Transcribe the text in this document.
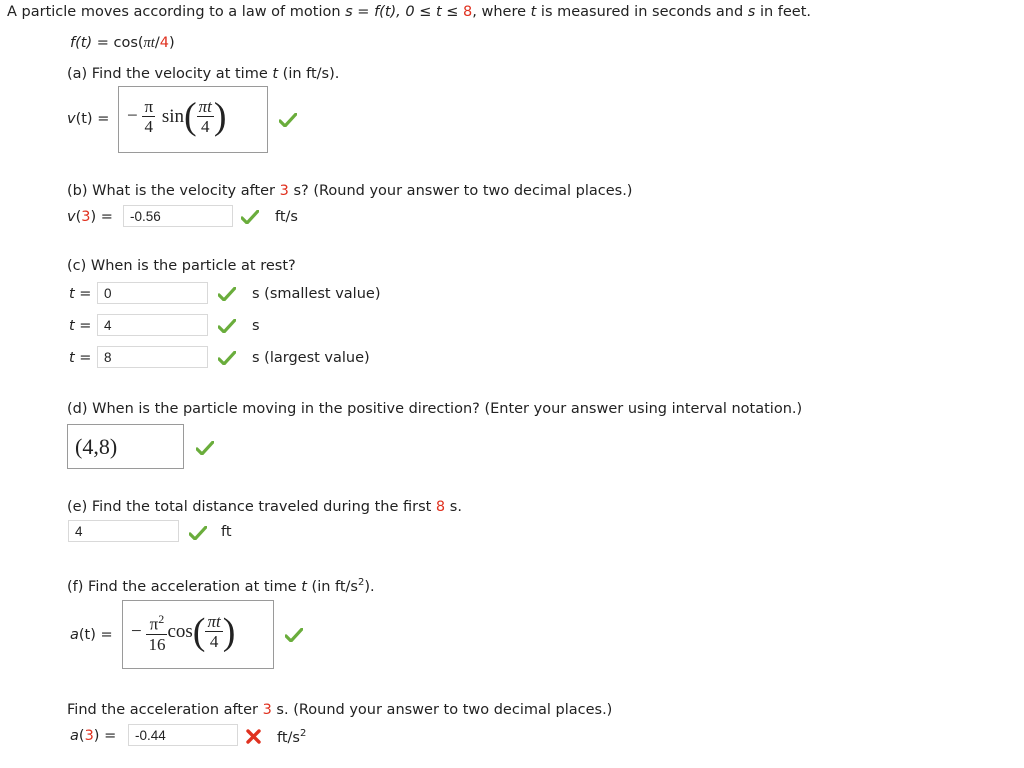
A particle moves according to a law of motion s = f(t), 0 ≤ t ≤ 8, where t is measured in seconds and s in feet.
f(t) = cos(πt/4)
(a) Find the velocity at time t (in ft/s).
v(t) = − $\frac{\pi}{4} \sin( \frac{\pi t}{4}$ )
(b) What is the velocity after 3 s? (Round your answer to two decimal places.)
v(3) =	-0.56	ft/s
(c) When is the particle at rest?
t = 0	s (smallest value)
t = 4	s
t = 8	s (largest value)
(d) When is the particle moving in the positive direction? (Enter your answer using interval notation.)
(4,8)
(e) Find the total distance traveled during the first 8 s.
4	ft
(f) Find the acceleration at time t (in $ft/s^2$).
a(t) = − $\frac{\pi^2}{16} \cos( \frac{\pi t}{4}$ )
Find the acceleration after 3 s. (Round your answer to two decimal places.)
a(3) =	-0.44	$ft/s^2$
